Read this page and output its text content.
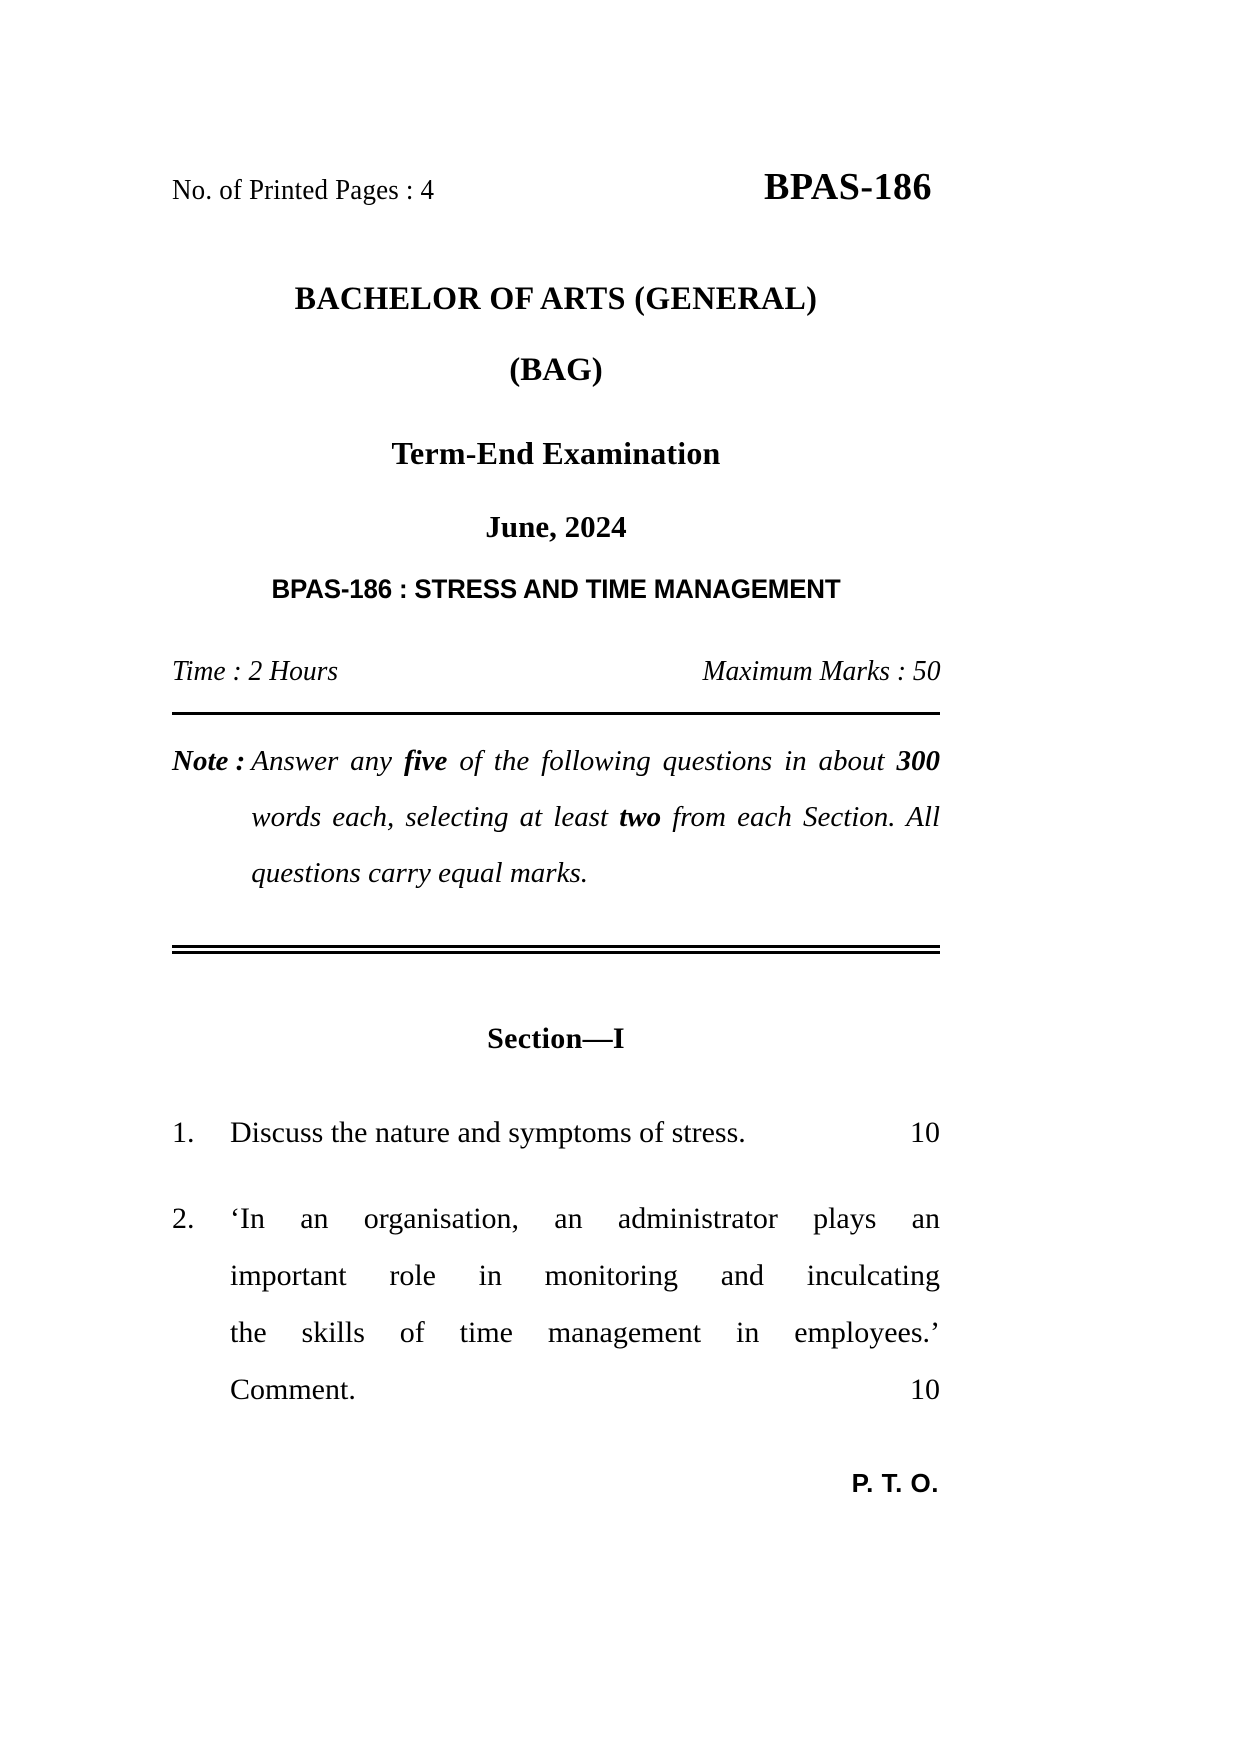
No. of Printed Pages : 4	BPAS-186
BACHELOR OF ARTS (GENERAL)
(BAG)
Term-End Examination
June, 2024
BPAS-186 : STRESS AND TIME MANAGEMENT
Time : 2 Hours	Maximum Marks : 50
Note : Answer any five of the following questions in about 300 words each, selecting at least two from each Section. All questions carry equal marks.
Section—I
1.	Discuss the nature and symptoms of stress.	10
2.	‘In an organisation, an administrator plays an
important role in monitoring and inculcating
the skills of time management in employees.’
Comment.	10
P. T. O.
